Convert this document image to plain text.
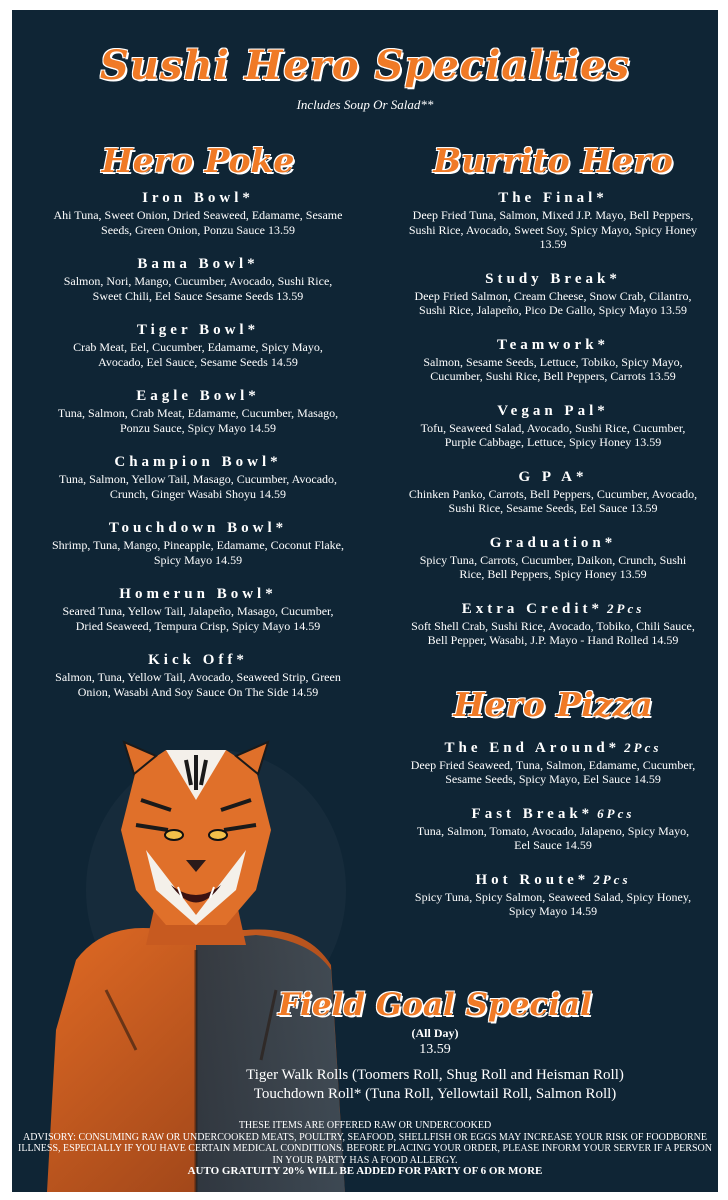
Sushi Hero Specialties
Includes Soup Or Salad**
Hero Poke
Iron Bowl*
Ahi Tuna, Sweet Onion, Dried Seaweed, Edamame, Sesame Seeds, Green Onion, Ponzu Sauce 13.59
Bama Bowl*
Salmon, Nori, Mango, Cucumber, Avocado, Sushi Rice, Sweet Chili, Eel Sauce Sesame Seeds 13.59
Tiger Bowl*
Crab Meat, Eel, Cucumber, Edamame, Spicy Mayo, Avocado, Eel Sauce, Sesame Seeds 14.59
Eagle Bowl*
Tuna, Salmon, Crab Meat, Edamame, Cucumber, Masago, Ponzu Sauce, Spicy Mayo 14.59
Champion Bowl*
Tuna, Salmon, Yellow Tail, Masago, Cucumber, Avocado, Crunch, Ginger Wasabi Shoyu 14.59
Touchdown Bowl*
Shrimp, Tuna, Mango, Pineapple, Edamame, Coconut Flake, Spicy Mayo 14.59
Homerun Bowl*
Seared Tuna, Yellow Tail, Jalapeño, Masago, Cucumber, Dried Seaweed, Tempura Crisp, Spicy Mayo 14.59
Kick Off*
Salmon, Tuna, Yellow Tail, Avocado, Seaweed Strip, Green Onion, Wasabi And Soy Sauce On The Side 14.59
Burrito Hero
The Final*
Deep Fried Tuna, Salmon, Mixed J.P. Mayo, Bell Peppers, Sushi Rice, Avocado, Sweet Soy, Spicy Mayo, Spicy Honey 13.59
Study Break*
Deep Fried Salmon, Cream Cheese, Snow Crab, Cilantro, Sushi Rice, Jalapeño, Pico De Gallo, Spicy Mayo 13.59
Teamwork*
Salmon, Sesame Seeds, Lettuce, Tobiko, Spicy Mayo, Cucumber, Sushi Rice, Bell Peppers, Carrots 13.59
Vegan Pal*
Tofu, Seaweed Salad, Avocado, Sushi Rice, Cucumber, Purple Cabbage, Lettuce, Spicy Honey 13.59
G P A*
Chinken Panko, Carrots, Bell Peppers, Cucumber, Avocado, Sushi Rice, Sesame Seeds, Eel Sauce 13.59
Graduation*
Spicy Tuna, Carrots, Cucumber, Daikon, Crunch, Sushi Rice, Bell Peppers, Spicy Honey 13.59
Extra Credit* 2Pcs
Soft Shell Crab, Sushi Rice, Avocado, Tobiko, Chili Sauce, Bell Pepper, Wasabi, J.P. Mayo - Hand Rolled 14.59
Hero Pizza
The End Around* 2Pcs
Deep Fried Seaweed, Tuna, Salmon, Edamame, Cucumber, Sesame Seeds, Spicy Mayo, Eel Sauce 14.59
Fast Break* 6Pcs
Tuna, Salmon, Tomato, Avocado, Jalapeno, Spicy Mayo, Eel Sauce 14.59
Hot Route* 2Pcs
Spicy Tuna, Spicy Salmon, Seaweed Salad, Spicy Honey, Spicy Mayo 14.59
Field Goal Special
(All Day)
13.59
Tiger Walk Rolls (Toomers Roll, Shug Roll and Heisman Roll)
Touchdown Roll* (Tuna Roll, Yellowtail Roll, Salmon Roll)
THESE ITEMS ARE OFFERED RAW OR UNDERCOOKED
ADVISORY: CONSUMING RAW OR UNDERCOOKED MEATS, POULTRY, SEAFOOD, SHELLFISH OR EGGS MAY INCREASE YOUR RISK OF FOODBORNE ILLNESS, ESPECIALLY IF YOU HAVE CERTAIN MEDICAL CONDITIONS. BEFORE PLACING YOUR ORDER, PLEASE INFORM YOUR SERVER IF A PERSON IN YOUR PARTY HAS A FOOD ALLERGY.
AUTO GRATUITY 20% WILL BE ADDED FOR PARTY OF 6 OR MORE
